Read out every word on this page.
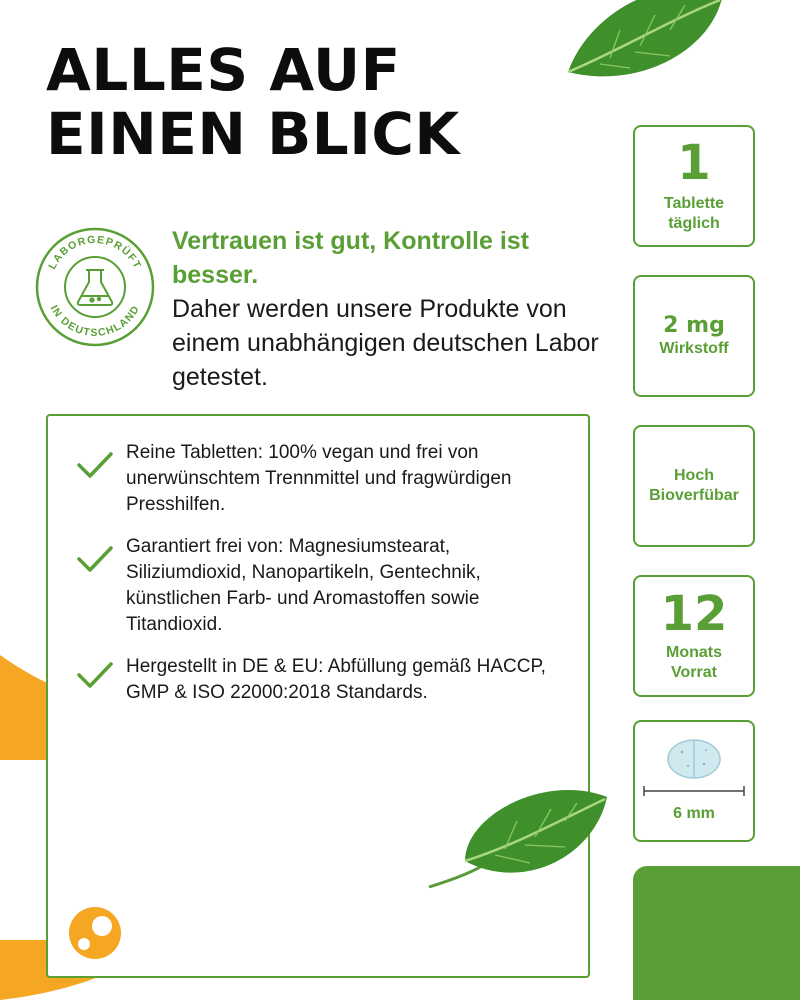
ALLES AUF
EINEN BLICK
LABORGEPRÜFT
IN DEUTSCHLAND
Vertrauen ist gut, Kontrolle ist besser.
Daher werden unsere Produkte von einem unabhängigen deutschen Labor getestet.
Reine Tabletten: 100% vegan und frei von unerwünschtem Trennmittel und fragwürdigen Presshilfen.
Garantiert frei von: Magnesiumstearat, Siliziumdioxid, Nanopartikeln, Gentechnik, künstlichen Farb- und Aromastoffen sowie Titandioxid.
Hergestellt in DE & EU: Abfüllung gemäß HACCP, GMP & ISO 22000:2018 Standards.
1
Tablette
täglich
2 mg
Wirkstoff
Hoch
Bioverfübar
12
Monats
Vorrat
6 mm
